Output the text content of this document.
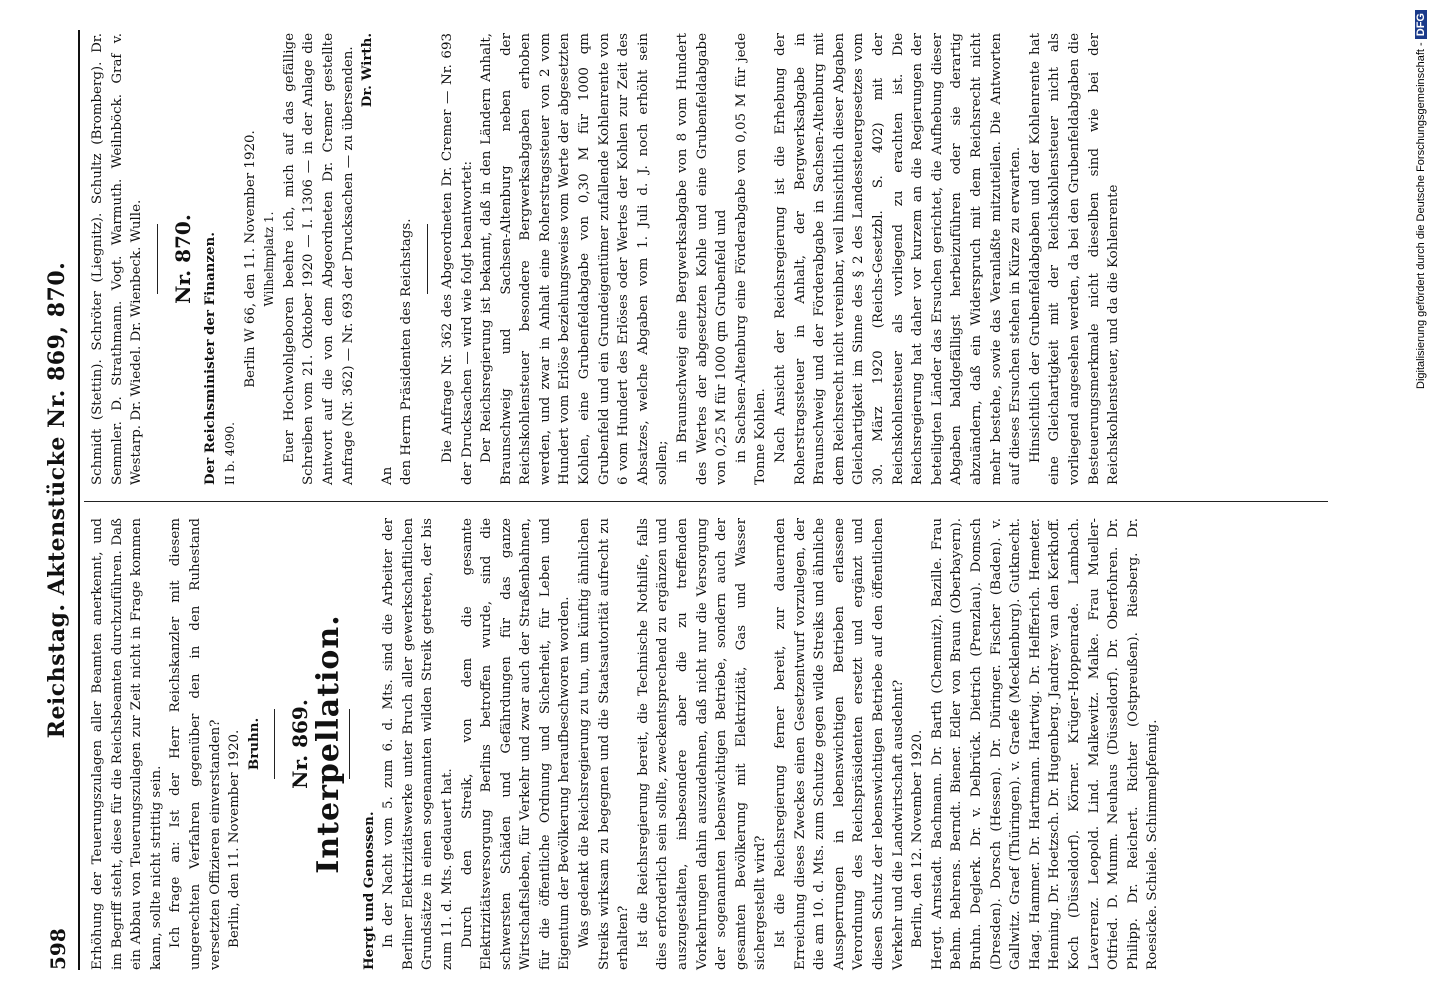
598
Reichstag. Aktenstücke Nr. 869, 870.

Erhöhung der Teuerungszulagen aller Beamten anerkennt, und im Begriff steht, diese für die Reichsbeamten durchzuführen. Daß ein Abbau von Teuerungszulagen zur Zeit nicht in Frage kommen kann, sollte nicht strittig sein. Ich frage an: Ist der Herr Reichskanzler mit diesem ungerechten Verfahren gegenüber den in den Ruhestand versetzten Offizieren einverstanden? Berlin, den 11. November 1920. Bruhn. Nr. 869.

Interpellation.

Hergt und Genossen. In der Nacht vom 5. zum 6. d. Mts. sind die Arbeiter der Berliner Elektrizitätswerke unter Bruch aller gewerkschaftlichen Grundsätze in einen sogenannten wilden Streik getreten, der bis zum 11. d. Mts. gedauert hat. Durch den Streik, von dem die gesamte Elektrizitätsversorgung Berlins betroffen wurde, sind die schwersten Schäden und Gefährdungen für das ganze Wirtschaftsleben, für Verkehr und zwar auch der Straßenbahnen, für die öffentliche Ordnung und Sicherheit, für Leben und Eigentum der Bevölkerung heraufbeschworen worden. Was gedenkt die Reichsregierung zu tun, um künftig ähnlichen Streiks wirksam zu begegnen und die Staatsautorität aufrecht zu erhalten? Ist die Reichsregierung bereit, die Technische Nothilfe, falls dies erforderlich sein sollte, zweckentsprechend zu ergänzen und auszugestalten, insbesondere aber die zu treffenden Vorkehrungen dahin auszudehnen, daß nicht nur die Versorgung der sogenannten lebenswichtigen Betriebe, sondern auch der gesamten Bevölkerung mit Elektrizität, Gas und Wasser sichergestellt wird? Ist die Reichsregierung ferner bereit, zur dauernden Erreichung dieses Zweckes einen Gesetzentwurf vorzulegen, der die am 10. d. Mts. zum Schutze gegen wilde Streiks und ähnliche Aussperrungen in lebenswichtigen Betrieben erlassene Verordnung des Reichspräsidenten ersetzt und ergänzt und diesen Schutz der lebenswichtigen Betriebe auf den öffentlichen Verkehr und die Landwirtschaft ausdehnt? Berlin, den 12. November 1920. Hergt. Arnstadt. Bachmann. Dr. Barth (Chemnitz). Bazille. Frau Behm. Behrens. Berndt. Biener. Edler von Braun (Oberbayern). Bruhn. Deglerk. Dr. v. Delbrück. Dietrich (Prenzlau). Domsch (Dresden). Dorsch (Hessen). Dr. Düringer. Fischer (Baden). v. Gallwitz. Graef (Thüringen). v. Graefe (Mecklenburg). Gutknecht. Haag. Hammer. Dr. Hartmann. Hartwig. Dr. Helfferich. Hemeter. Henning. Dr. Hoetzsch. Dr. Hugenberg. Jandrey. van den Kerkhoff. Koch (Düsseldorf). Körner. Krüger-Hoppenrade. Lambach. Laverrenz. Leopold. Lind. Malkewitz. Malke. Frau Mueller-Otfried. D. Mumm. Neuhaus (Düsseldorf). Dr. Oberfohren. Dr. Philipp. Dr. Reichert. Richter (Ostpreußen). Riesberg. Dr. Roesicke. Schiele. Schimmelpfennig.

Schmidt (Stettin). Schröter (Liegnitz). Schultz (Bromberg). Dr. Semmler. D. Strathmann. Vogt. Warmuth. Weilnböck. Graf v. Westarp. Dr. Wiedel. Dr. Wienbeck. Wulle. Nr. 870. Der Reichsminister der Finanzen. II b. 4090.

Berlin W 66, den 11. November 1920. Wilhelmplatz 1. Euer Hochwohlgeboren beehre ich, mich auf das gefällige Schreiben vom 21. Oktober 1920 — I. 1306 — in der Anlage die Antwort auf die von dem Abgeordneten Dr. Cremer gestellte Anfrage (Nr. 362) — Nr. 693 der Drucksachen — zu übersenden. Dr. Wirth.

An den Herrn Präsidenten des Reichstags. Die Anfrage Nr. 362 des Abgeordneten Dr. Cremer — Nr. 693 der Drucksachen — wird wie folgt beantwortet: Der Reichsregierung ist bekannt, daß in den Ländern Anhalt, Braunschweig und Sachsen-Altenburg neben der Reichskohlensteuer besondere Bergwerksabgaben erhoben werden, und zwar in Anhalt eine Roherstragssteuer von 2 vom Hundert vom Erlöse beziehungsweise vom Werte der abgesetzten Kohlen, eine Grubenfeldabgabe von 0,30 M für 1000 qm Grubenfeld und ein Grundeigentümer zufallende Kohlenrente von 6 vom Hundert des Erlöses oder Wertes der Kohlen zur Zeit des Absatzes, welche Abgaben vom 1. Juli d. J. noch erhöht sein sollen; in Braunschweig eine Bergwerksabgabe von 8 vom Hundert des Wertes der abgesetzten Kohle und eine Grubenfeldabgabe von 0,25 M für 1000 qm Grubenfeld und in Sachsen-Altenburg eine Förderabgabe von 0,05 M für jede Tonne Kohlen. Nach Ansicht der Reichsregierung ist die Erhebung der Roherstragssteuer in Anhalt, der Bergwerksabgabe in Braunschweig und der Förderabgabe in Sachsen-Altenburg mit dem Reichsrecht nicht vereinbar, weil hinsichtlich dieser Abgaben Gleichartigkeit im Sinne des § 2 des Landessteuergesetzes vom 30. März 1920 (Reichs-Gesetzbl. S. 402) mit der Reichskohlensteuer als vorliegend zu erachten ist. Die Reichsregierung hat daher vor kurzem an die Regierungen der beteiligten Länder das Ersuchen gerichtet, die Aufhebung dieser Abgaben baldgefälligst herbeizuführen oder sie derartig abzuändern, daß ein Widerspruch mit dem Reichsrecht nicht mehr bestehe, sowie das Veranlaßte mitzuteilen. Die Antworten auf dieses Ersuchen stehen in Kürze zu erwarten. Hinsichtlich der Grubenfeldabgaben und der Kohlenrente hat eine Gleichartigkeit mit der Reichskohlensteuer nicht als vorliegend angesehen werden, da bei den Grubenfeldabgaben die Besteuerungsmerkmale nicht dieselben sind wie bei der Reichskohlensteuer, und da die Kohlenrente	Digitalisierung gefördert durch die Deutsche Forschungsgemeinschaft - DFG
